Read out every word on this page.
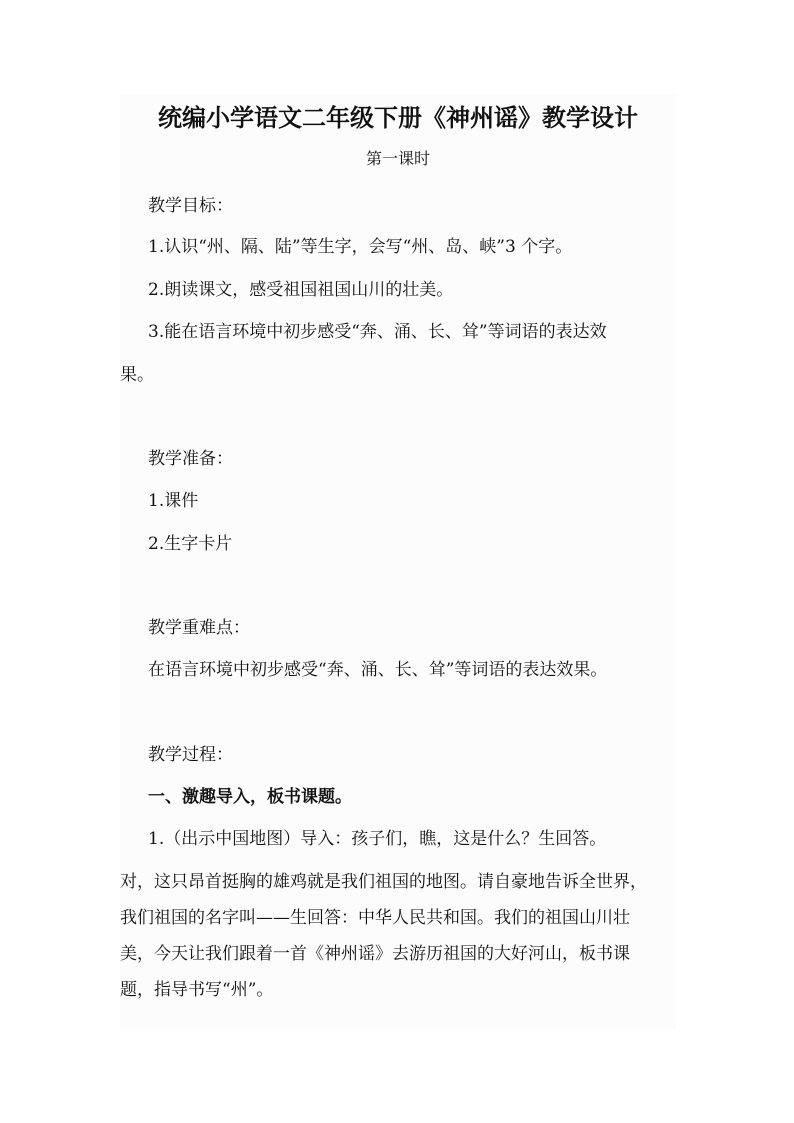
统编小学语文二年级下册《神州谣》教学设计
第一课时
教学目标：
1.认识“州、隔、陆”等生字，会写“州、岛、峡”3 个字。
2.朗读课文，感受祖国祖国山川的壮美。
3.能在语言环境中初步感受“奔、涌、长、耸”等词语的表达效
果。
教学准备：
1.课件
2.生字卡片
教学重难点：
在语言环境中初步感受“奔、涌、长、耸”等词语的表达效果。
教学过程：
一、激趣导入，板书课题。
1.（出示中国地图）导入：孩子们，瞧，这是什么？生回答。
对，这只昂首挺胸的雄鸡就是我们祖国的地图。请自豪地告诉全世界，
我们祖国的名字叫——生回答：中华人民共和国。我们的祖国山川壮
美，今天让我们跟着一首《神州谣》去游历祖国的大好河山，板书课
题，指导书写“州”。
